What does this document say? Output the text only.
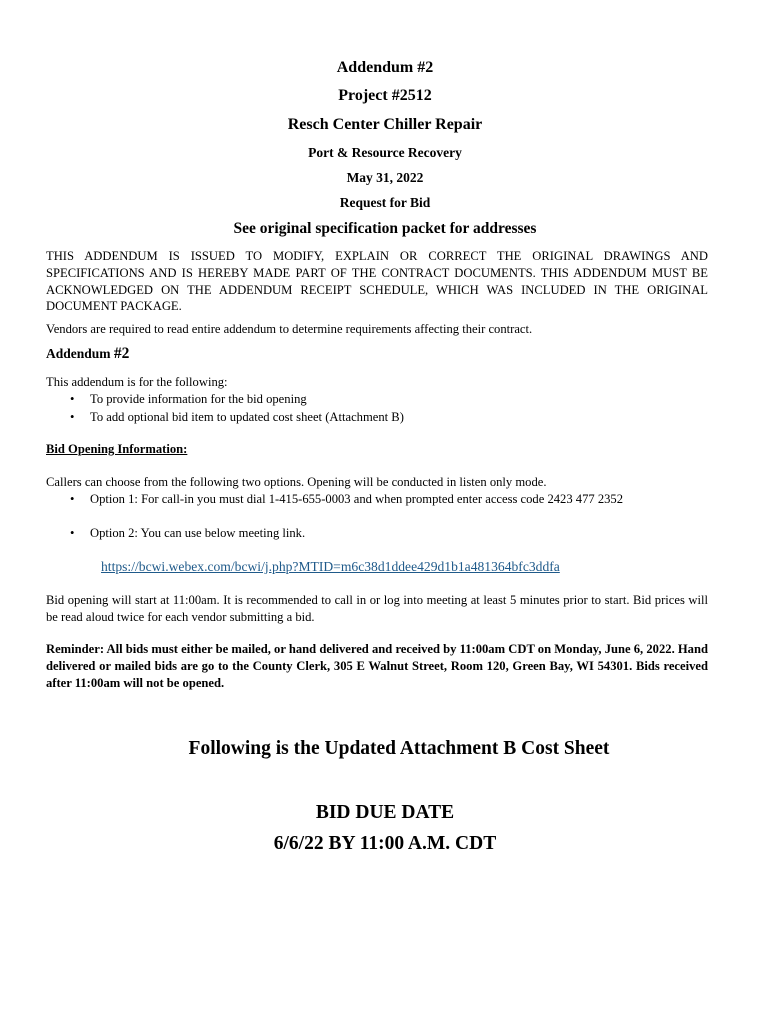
Addendum #2
Project #2512
Resch Center Chiller Repair
Port & Resource Recovery
May 31, 2022
Request for Bid
See original specification packet for addresses
THIS ADDENDUM IS ISSUED TO MODIFY, EXPLAIN OR CORRECT THE ORIGINAL DRAWINGS AND SPECIFICATIONS AND IS HEREBY MADE PART OF THE CONTRACT DOCUMENTS. THIS ADDENDUM MUST BE ACKNOWLEDGED ON THE ADDENDUM RECEIPT SCHEDULE, WHICH WAS INCLUDED IN THE ORIGINAL DOCUMENT PACKAGE.
Vendors are required to read entire addendum to determine requirements affecting their contract.
Addendum #2
This addendum is for the following:
• To provide information for the bid opening
• To add optional bid item to updated cost sheet (Attachment B)
Bid Opening Information:
Callers can choose from the following two options. Opening will be conducted in listen only mode.
• Option 1: For call-in you must dial 1-415-655-0003 and when prompted enter access code 2423 477 2352
• Option 2: You can use below meeting link.
https://bcwi.webex.com/bcwi/j.php?MTID=m6c38d1ddee429d1b1a481364bfc3ddfa
Bid opening will start at 11:00am. It is recommended to call in or log into meeting at least 5 minutes prior to start. Bid prices will be read aloud twice for each vendor submitting a bid.
Reminder: All bids must either be mailed, or hand delivered and received by 11:00am CDT on Monday, June 6, 2022. Hand delivered or mailed bids are go to the County Clerk, 305 E Walnut Street, Room 120, Green Bay, WI 54301. Bids received after 11:00am will not be opened.
Following is the Updated Attachment B Cost Sheet
BID DUE DATE
6/6/22 BY 11:00 A.M. CDT
